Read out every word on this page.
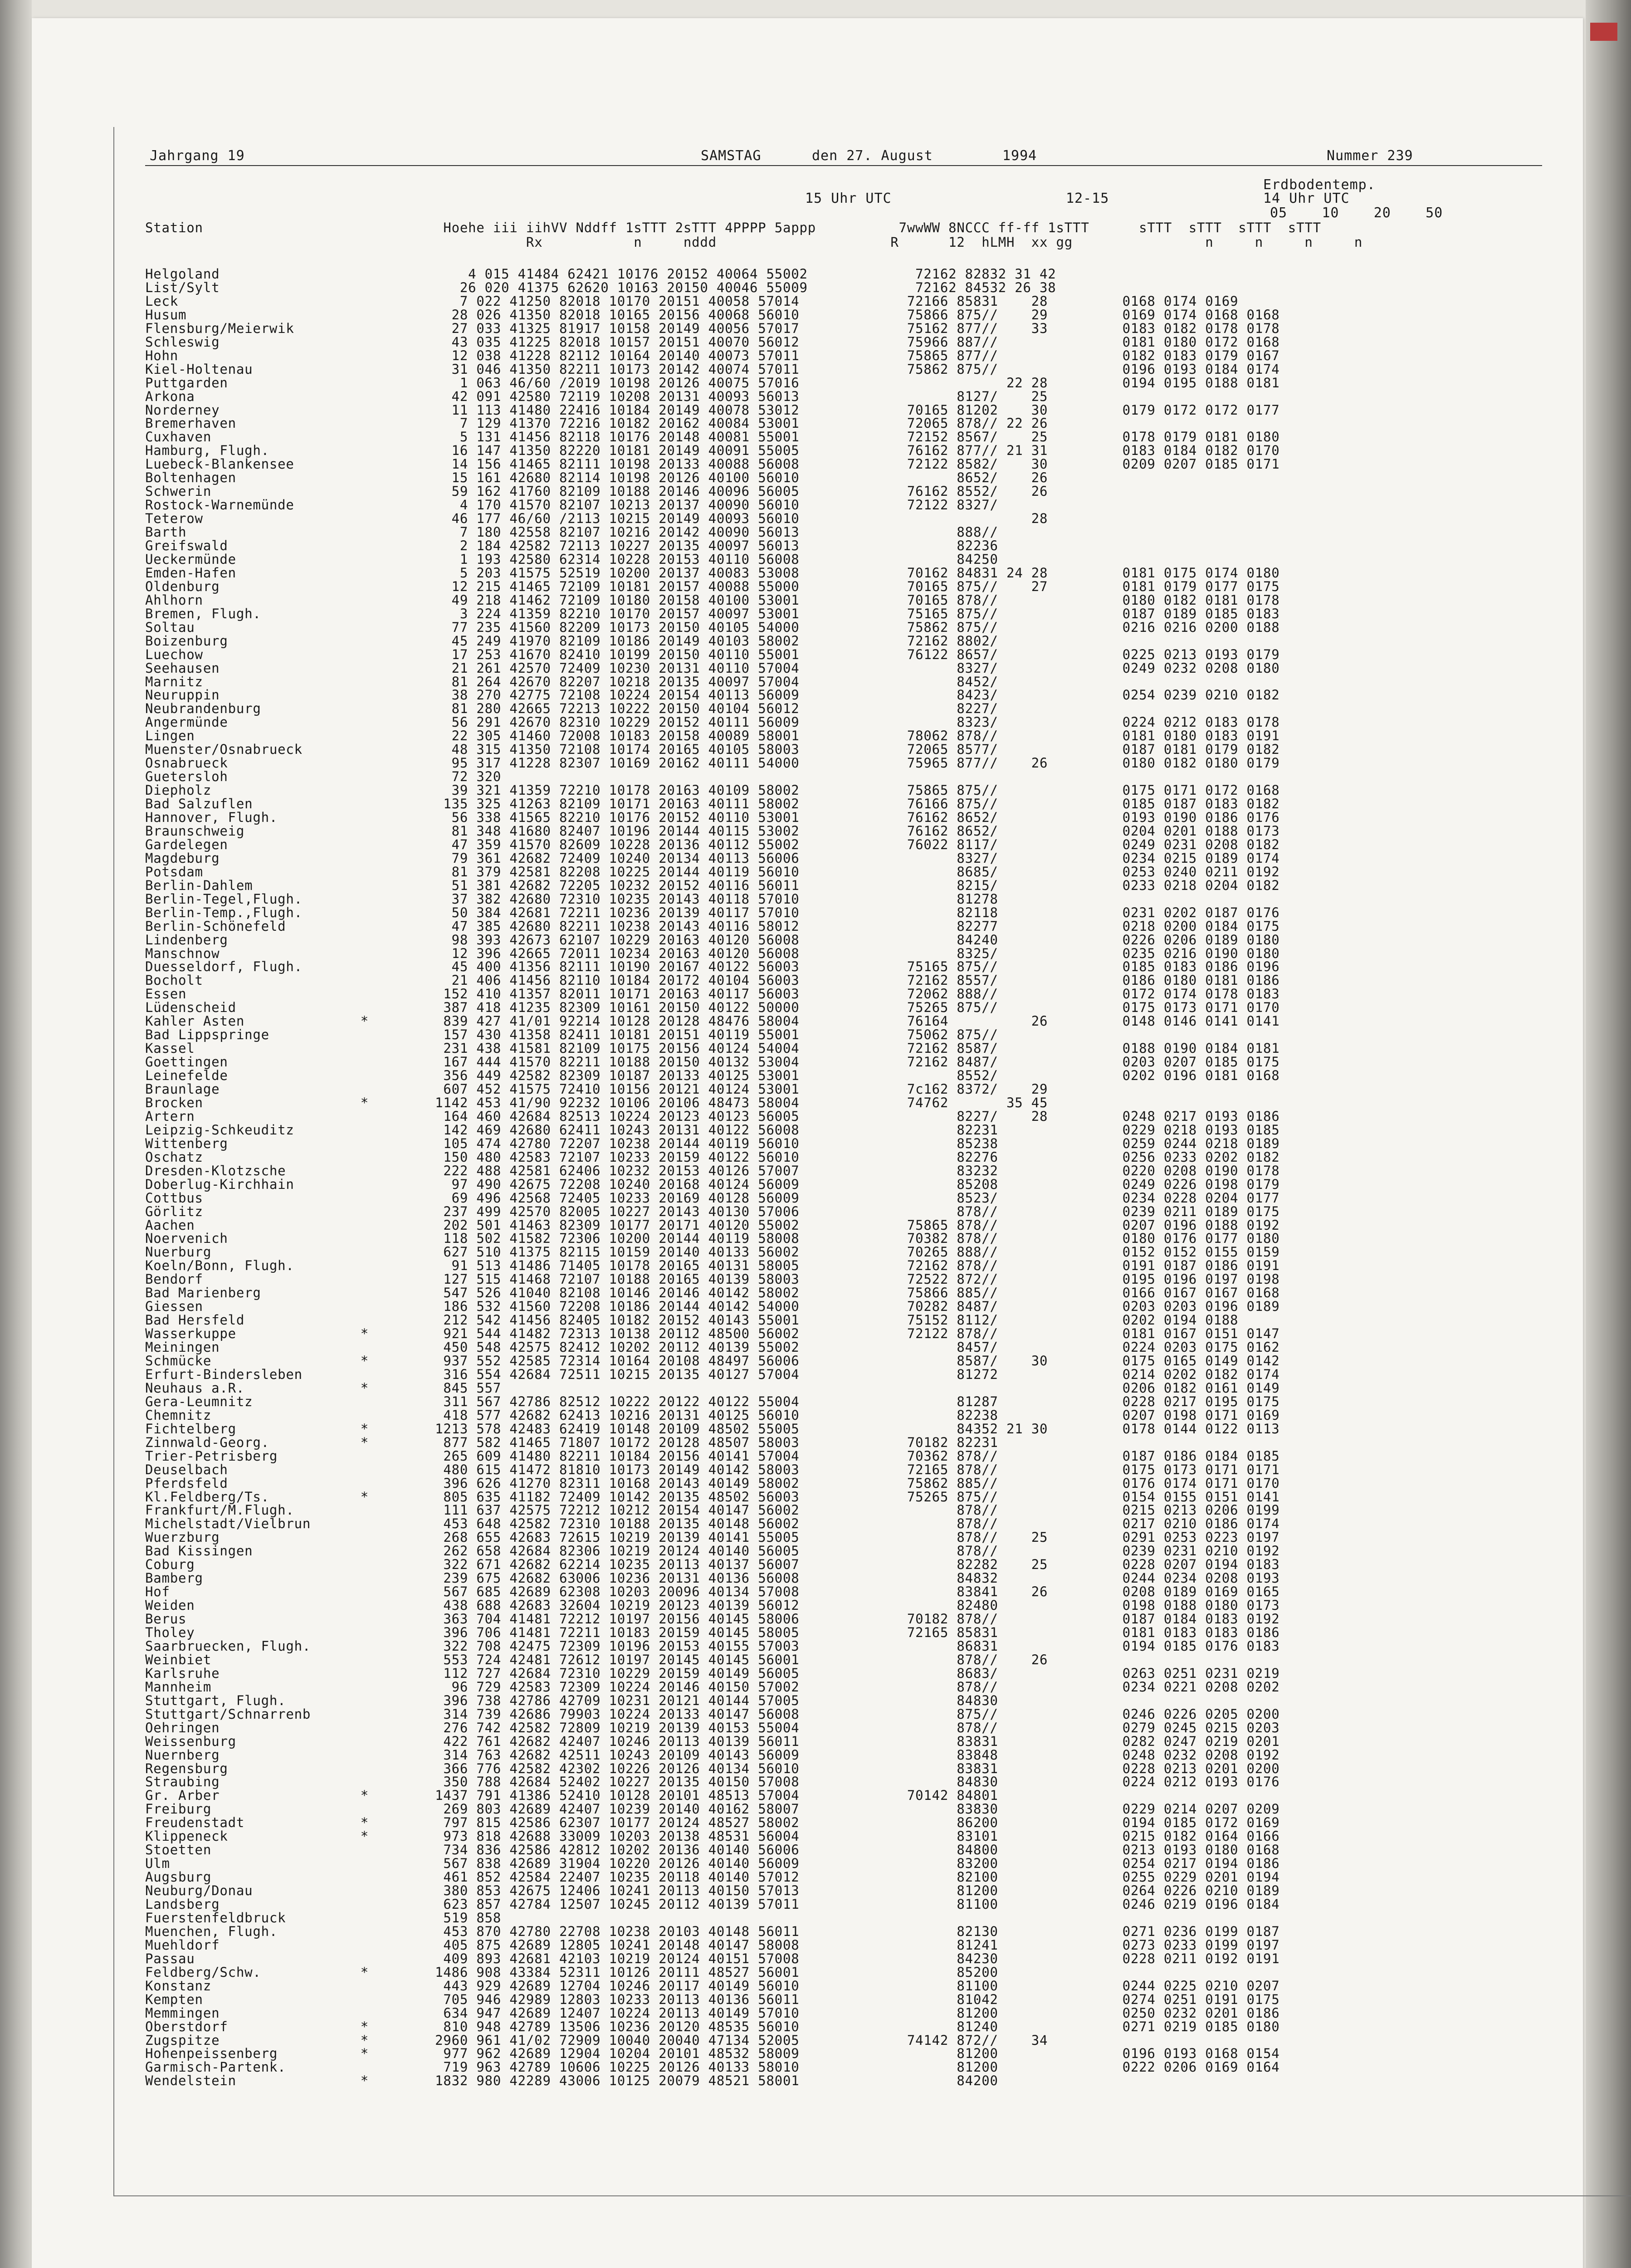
Jahrgang 19	SAMSTAG	den 27. August	1994	Nummer 239
Erdbodentemp.
15 Uhr UTC	12-15	14 Uhr UTC
05    10    20    50
Station                             Hoehe iii iihVV Nddff 1sTTT 2sTTT 4PPPP 5appp          7wwWW 8NCCC ff-ff 1sTTT      sTTT  sTTT  sTTT  sTTT
Rx           n     nddd                     R      12  hLMH  xx gg                n     n     n     n
Helgoland                              4 015 41484 62421 10176 20152 40064 55002             72162 82832 31 42
List/Sylt                             26 020 41375 62620 10163 20150 40046 55009             72162 84532 26 38
Leck                                  7 022 41250 82018 10170 20151 40058 57014             72166 85831    28         0168 0174 0169
Husum                                28 026 41350 82018 10165 20156 40068 56010             75866 875//    29         0169 0174 0168 0168
Flensburg/Meierwik                   27 033 41325 81917 10158 20149 40056 57017             75162 877//    33         0183 0182 0178 0178
Schleswig                            43 035 41225 82018 10157 20151 40070 56012             75966 887//               0181 0180 0172 0168
Hohn                                 12 038 41228 82112 10164 20140 40073 57011             75865 877//               0182 0183 0179 0167
Kiel-Holtenau                        31 046 41350 82211 10173 20142 40074 57011             75862 875//               0196 0193 0184 0174
Puttgarden                            1 063 46/60 /2019 10198 20126 40075 57016                         22 28         0194 0195 0188 0181
Arkona                               42 091 42580 72119 10208 20131 40093 56013                   8127/    25
Norderney                            11 113 41480 22416 10184 20149 40078 53012             70165 81202    30         0179 0172 0172 0177
Bremerhaven                           7 129 41370 72216 10182 20162 40084 53001             72065 878// 22 26
Cuxhaven                              5 131 41456 82118 10176 20148 40081 55001             72152 8567/    25         0178 0179 0181 0180
Hamburg, Flugh.                      16 147 41350 82220 10181 20149 40091 55005             76162 877// 21 31         0183 0184 0182 0170
Luebeck-Blankensee                   14 156 41465 82111 10198 20133 40088 56008             72122 8582/    30         0209 0207 0185 0171
Boltenhagen                          15 161 42680 82114 10198 20126 40100 56010                   8652/    26
Schwerin                             59 162 41760 82109 10188 20146 40096 56005             76162 8552/    26
Rostock-Warnemünde                    4 170 41570 82107 10213 20137 40090 56010             72122 8327/
Teterow                              46 177 46/60 /2113 10215 20149 40093 56010                            28
Barth                                 7 180 42558 82107 10216 20142 40090 56013                   888//
Greifswald                            2 184 42582 72113 10227 20135 40097 56013                   82236
Ueckermünde                           1 193 42580 62314 10228 20153 40110 56008                   84250
Emden-Hafen                           5 203 41575 52519 10200 20137 40083 53008             70162 84831 24 28         0181 0175 0174 0180
Oldenburg                            12 215 41465 72109 10181 20157 40088 55000             70165 875//    27         0181 0179 0177 0175
Ahlhorn                              49 218 41462 72109 10180 20158 40100 53001             70165 878//               0180 0182 0181 0178
Bremen, Flugh.                        3 224 41359 82210 10170 20157 40097 53001             75165 875//               0187 0189 0185 0183
Soltau                               77 235 41560 82209 10173 20150 40105 54000             75862 875//               0216 0216 0200 0188
Boizenburg                           45 249 41970 82109 10186 20149 40103 58002             72162 8802/
Luechow                              17 253 41670 82410 10199 20150 40110 55001             76122 8657/               0225 0213 0193 0179
Seehausen                            21 261 42570 72409 10230 20131 40110 57004                   8327/               0249 0232 0208 0180
Marnitz                              81 264 42670 82207 10218 20135 40097 57004                   8452/
Neuruppin                            38 270 42775 72108 10224 20154 40113 56009                   8423/               0254 0239 0210 0182
Neubrandenburg                       81 280 42665 72213 10222 20150 40104 56012                   8227/
Angermünde                           56 291 42670 82310 10229 20152 40111 56009                   8323/               0224 0212 0183 0178
Lingen                               22 305 41460 72008 10183 20158 40089 58001             78062 878//               0181 0180 0183 0191
Muenster/Osnabrueck                  48 315 41350 72108 10174 20165 40105 58003             72065 8577/               0187 0181 0179 0182
Osnabrueck                           95 317 41228 82307 10169 20162 40111 54000             75965 877//    26         0180 0182 0180 0179
Guetersloh                           72 320
Diepholz                             39 321 41359 72210 10178 20163 40109 58002             75865 875//               0175 0171 0172 0168
Bad Salzuflen                       135 325 41263 82109 10171 20163 40111 58002             76166 875//               0185 0187 0183 0182
Hannover, Flugh.                     56 338 41565 82210 10176 20152 40110 53001             76162 8652/               0193 0190 0186 0176
Braunschweig                         81 348 41680 82407 10196 20144 40115 53002             76162 8652/               0204 0201 0188 0173
Gardelegen                           47 359 41570 82609 10228 20136 40112 55002             76022 8117/               0249 0231 0208 0182
Magdeburg                            79 361 42682 72409 10240 20134 40113 56006                   8327/               0234 0215 0189 0174
Potsdam                              81 379 42581 82208 10225 20144 40119 56010                   8685/               0253 0240 0211 0192
Berlin-Dahlem                        51 381 42682 72205 10232 20152 40116 56011                   8215/               0233 0218 0204 0182
Berlin-Tegel,Flugh.                  37 382 42680 72310 10235 20143 40118 57010                   81278
Berlin-Temp.,Flugh.                  50 384 42681 72211 10236 20139 40117 57010                   82118               0231 0202 0187 0176
Berlin-Schönefeld                    47 385 42680 82211 10238 20143 40116 58012                   82277               0218 0200 0184 0175
Lindenberg                           98 393 42673 62107 10229 20163 40120 56008                   84240               0226 0206 0189 0180
Manschnow                            12 396 42665 72011 10234 20163 40120 56008                   8325/               0235 0216 0190 0180
Duesseldorf, Flugh.                  45 400 41356 82111 10190 20167 40122 56003             75165 875//               0185 0183 0186 0196
Bocholt                              21 406 41456 82110 10184 20172 40104 56003             72162 8557/               0186 0180 0181 0186
Essen                               152 410 41357 82011 10171 20163 40117 56003             72062 888//               0172 0174 0178 0183
Lüdenscheid                         387 418 41235 82309 10161 20150 40122 50000             75265 875//               0175 0173 0171 0170
Kahler Asten              *         839 427 41/01 92214 10128 20128 48476 58004             76164          26         0148 0146 0141 0141
Bad Lippspringe                     157 430 41358 82411 10181 20151 40119 55001             75062 875//
Kassel                              231 438 41581 82109 10175 20156 40124 54004             72162 8587/               0188 0190 0184 0181
Goettingen                          167 444 41570 82211 10188 20150 40132 53004             72162 8487/               0203 0207 0185 0175
Leinefelde                          356 449 42582 82309 10187 20133 40125 53001                   8552/               0202 0196 0181 0168
Braunlage                           607 452 41575 72410 10156 20121 40124 53001             7c162 8372/    29
Brocken                   *        1142 453 41/90 92232 10106 20106 48473 58004             74762       35 45
Artern                              164 460 42684 82513 10224 20123 40123 56005                   8227/    28         0248 0217 0193 0186
Leipzig-Schkeuditz                  142 469 42680 62411 10243 20131 40122 56008                   82231               0229 0218 0193 0185
Wittenberg                          105 474 42780 72207 10238 20144 40119 56010                   85238               0259 0244 0218 0189
Oschatz                             150 480 42583 72107 10233 20159 40122 56010                   82276               0256 0233 0202 0182
Dresden-Klotzsche                   222 488 42581 62406 10232 20153 40126 57007                   83232               0220 0208 0190 0178
Doberlug-Kirchhain                   97 490 42675 72208 10240 20168 40124 56009                   85208               0249 0226 0198 0179
Cottbus                              69 496 42568 72405 10233 20169 40128 56009                   8523/               0234 0228 0204 0177
Görlitz                             237 499 42570 82005 10227 20143 40130 57006                   878//               0239 0211 0189 0175
Aachen                              202 501 41463 82309 10177 20171 40120 55002             75865 878//               0207 0196 0188 0192
Noervenich                          118 502 41582 72306 10200 20144 40119 58008             70382 878//               0180 0176 0177 0180
Nuerburg                            627 510 41375 82115 10159 20140 40133 56002             70265 888//               0152 0152 0155 0159
Koeln/Bonn, Flugh.                   91 513 41486 71405 10178 20165 40131 58005             72162 878//               0191 0187 0186 0191
Bendorf                             127 515 41468 72107 10188 20165 40139 58003             72522 872//               0195 0196 0197 0198
Bad Marienberg                      547 526 41040 82108 10146 20146 40142 58002             75866 885//               0166 0167 0167 0168
Giessen                             186 532 41560 72208 10186 20144 40142 54000             70282 8487/               0203 0203 0196 0189
Bad Hersfeld                        212 542 41456 82405 10182 20152 40143 55001             75152 8112/               0202 0194 0188
Wasserkuppe               *         921 544 41482 72313 10138 20112 48500 56002             72122 878//               0181 0167 0151 0147
Meiningen                           450 548 42575 82412 10202 20112 40139 55002                   8457/               0224 0203 0175 0162
Schmücke                  *         937 552 42585 72314 10164 20108 48497 56006                   8587/    30         0175 0165 0149 0142
Erfurt-Bindersleben                 316 554 42684 72511 10215 20135 40127 57004                   81272               0214 0202 0182 0174
Neuhaus a.R.              *         845 557                                                                           0206 0182 0161 0149
Gera-Leumnitz                       311 567 42786 82512 10222 20122 40122 55004                   81287               0228 0217 0195 0175
Chemnitz                            418 577 42682 62413 10216 20131 40125 56010                   82238               0207 0198 0171 0169
Fichtelberg               *        1213 578 42483 62419 10148 20109 48502 55005                   84352 21 30         0178 0144 0122 0113
Zinnwald-Georg.           *         877 582 41465 71807 10172 20128 48507 58003             70182 82231
Trier-Petrisberg                    265 609 41480 82211 10184 20156 40141 57004             70362 878//               0187 0186 0184 0185
Deuselbach                          480 615 41472 81810 10173 20149 40142 58003             72165 878//               0175 0173 0171 0171
Pferdsfeld                          396 626 41270 82311 10168 20143 40149 58002             75862 885//               0176 0174 0171 0170
Kl.Feldberg/Ts.           *         805 635 41182 72409 10142 20135 48502 56003             75265 875//               0154 0155 0151 0141
Frankfurt/M.Flugh.                  111 637 42575 72212 10212 20154 40147 56002                   878//               0215 0213 0206 0199
Michelstadt/Vielbrun                453 648 42582 72310 10188 20135 40148 56002                   878//               0217 0210 0186 0174
Wuerzburg                           268 655 42683 72615 10219 20139 40141 55005                   878//    25         0291 0253 0223 0197
Bad Kissingen                       262 658 42684 82306 10219 20124 40140 56005                   878//               0239 0231 0210 0192
Coburg                              322 671 42682 62214 10235 20113 40137 56007                   82282    25         0228 0207 0194 0183
Bamberg                             239 675 42682 63006 10236 20131 40136 56008                   84832               0244 0234 0208 0193
Hof                                 567 685 42689 62308 10203 20096 40134 57008                   83841    26         0208 0189 0169 0165
Weiden                              438 688 42683 32604 10219 20123 40139 56012                   82480               0198 0188 0180 0173
Berus                               363 704 41481 72212 10197 20156 40145 58006             70182 878//               0187 0184 0183 0192
Tholey                              396 706 41481 72211 10183 20159 40145 58005             72165 85831               0181 0183 0183 0186
Saarbruecken, Flugh.                322 708 42475 72309 10196 20153 40155 57003                   86831               0194 0185 0176 0183
Weinbiet                            553 724 42481 72612 10197 20145 40145 56001                   878//    26
Karlsruhe                           112 727 42684 72310 10229 20159 40149 56005                   8683/               0263 0251 0231 0219
Mannheim                             96 729 42583 72309 10224 20146 40150 57002                   878//               0234 0221 0208 0202
Stuttgart, Flugh.                   396 738 42786 42709 10231 20121 40144 57005                   84830
Stuttgart/Schnarrenb                314 739 42686 79903 10224 20133 40147 56008                   875//               0246 0226 0205 0200
Oehringen                           276 742 42582 72809 10219 20139 40153 55004                   878//               0279 0245 0215 0203
Weissenburg                         422 761 42682 42407 10246 20113 40139 56011                   83831               0282 0247 0219 0201
Nuernberg                           314 763 42682 42511 10243 20109 40143 56009                   83848               0248 0232 0208 0192
Regensburg                          366 776 42582 42302 10226 20126 40134 56010                   83831               0228 0213 0201 0200
Straubing                           350 788 42684 52402 10227 20135 40150 57008                   84830               0224 0212 0193 0176
Gr. Arber                 *        1437 791 41386 52410 10128 20101 48513 57004             70142 84801
Freiburg                            269 803 42689 42407 10239 20140 40162 58007                   83830               0229 0214 0207 0209
Freudenstadt              *         797 815 42586 62307 10177 20124 48527 58002                   86200               0194 0185 0172 0169
Klippeneck                *         973 818 42688 33009 10203 20138 48531 56004                   83101               0215 0182 0164 0166
Stoetten                            734 836 42586 42812 10202 20136 40140 56006                   84800               0213 0193 0180 0168
Ulm                                 567 838 42689 31904 10220 20126 40140 56009                   83200               0254 0217 0194 0186
Augsburg                            461 852 42584 22407 10235 20118 40140 57012                   82100               0255 0229 0201 0194
Neuburg/Donau                       380 853 42675 12406 10241 20113 40150 57013                   81200               0264 0226 0210 0189
Landsberg                           623 857 42784 12507 10245 20112 40139 57011                   81100               0246 0219 0196 0184
Fuerstenfeldbruck                   519 858
Muenchen, Flugh.                    453 870 42780 22708 10238 20103 40148 56011                   82130               0271 0236 0199 0187
Muehldorf                           405 875 42689 12805 10241 20148 40147 58008                   81241               0273 0233 0199 0197
Passau                              409 893 42681 42103 10219 20124 40151 57008                   84230               0228 0211 0192 0191
Feldberg/Schw.            *        1486 908 43384 52311 10126 20111 48527 56001                   85200
Konstanz                            443 929 42689 12704 10246 20117 40149 56010                   81100               0244 0225 0210 0207
Kempten                             705 946 42989 12803 10233 20113 40136 56011                   81042               0274 0251 0191 0175
Memmingen                           634 947 42689 12407 10224 20113 40149 57010                   81200               0250 0232 0201 0186
Oberstdorf                *         810 948 42789 13506 10236 20120 48535 56010                   81240               0271 0219 0185 0180
Zugspitze                 *        2960 961 41/02 72909 10040 20040 47134 52005             74142 872//    34
Hohenpeissenberg          *         977 962 42689 12904 10204 20101 48532 58009                   81200               0196 0193 0168 0154
Garmisch-Partenk.                   719 963 42789 10606 10225 20126 40133 58010                   81200               0222 0206 0169 0164
Wendelstein               *        1832 980 42289 43006 10125 20079 48521 58001                   84200
